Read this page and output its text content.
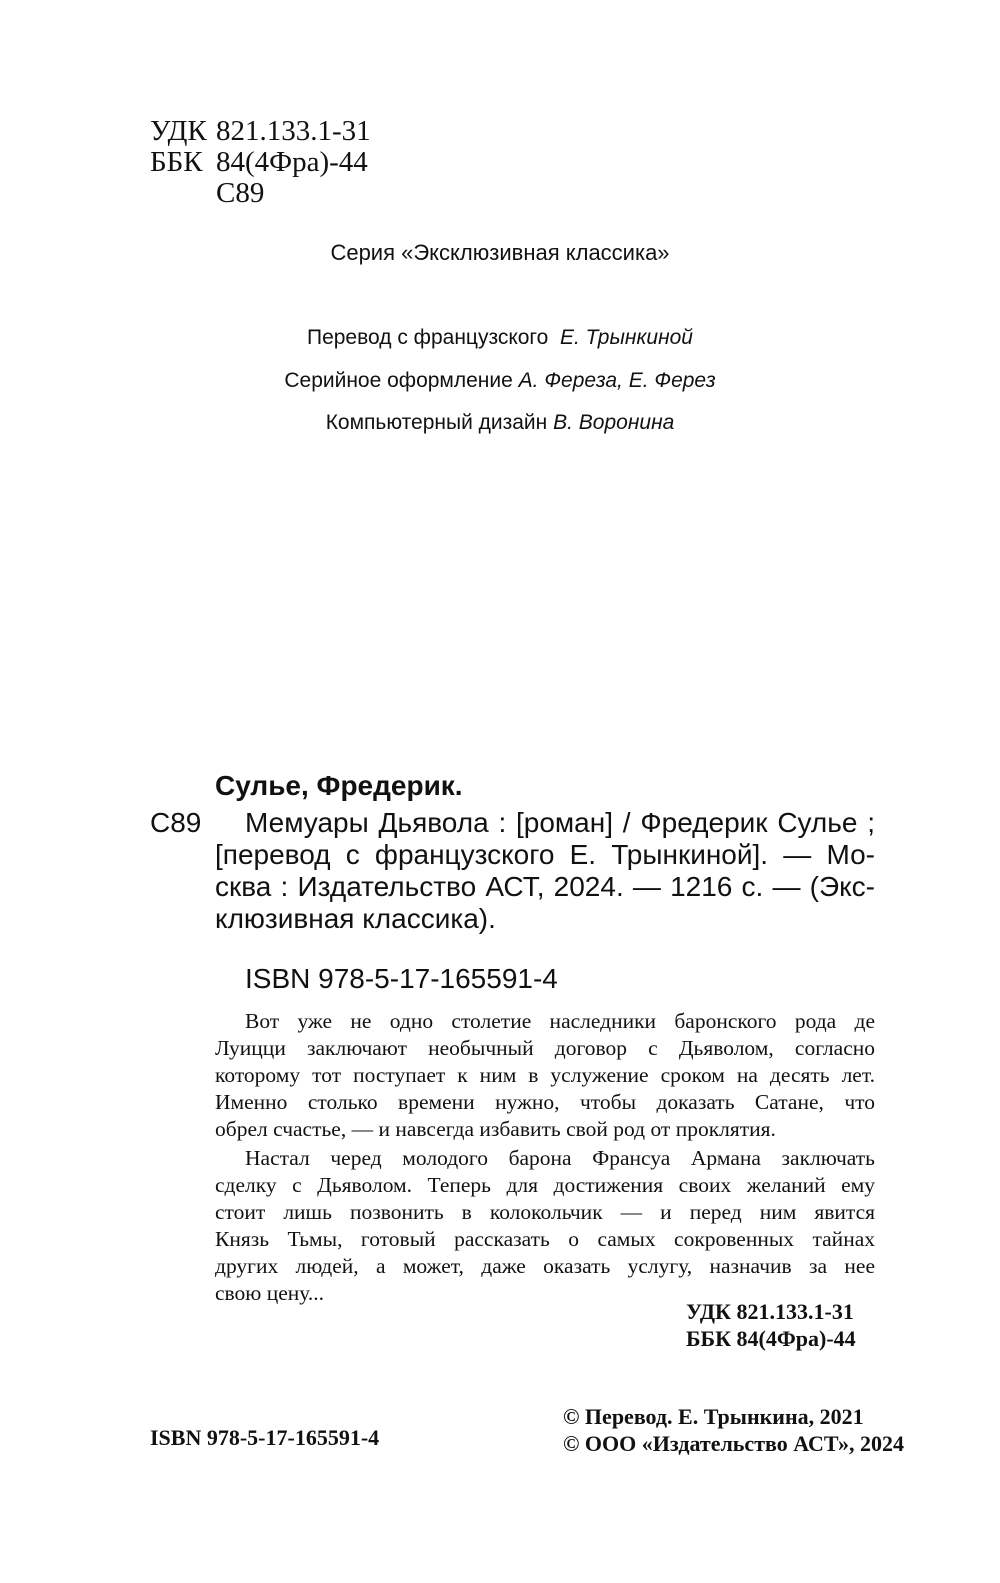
УДК 821.133.1-31
ББК 84(4Фра)-44
С89
Серия «Эксклюзивная классика»
Перевод с французского Е. Трынкиной
Серийное оформление А. Фереза, Е. Ферез
Компьютерный дизайн В. Воронина
Сулье, Фредерик.
С89	Мемуары Дьявола : [роман] / Фредерик Сулье ;
[перевод с французского Е. Трынкиной]. — Мо-
сква : Издательство АСТ, 2024. — 1216 с. — (Экс-
клюзивная классика).
ISBN 978-5-17-165591-4
Вот уже не одно столетие наследники баронского рода де
Луицци заключают необычный договор с Дьяволом, согласно
которому тот поступает к ним в услужение сроком на десять лет.
Именно столько времени нужно, чтобы доказать Сатане, что
обрел счастье, — и навсегда избавить свой род от проклятия.
Настал черед молодого барона Франсуа Армана заключать
сделку с Дьяволом. Теперь для достижения своих желаний ему
стоит лишь позвонить в колокольчик — и перед ним явится
Князь Тьмы, готовый рассказать о самых сокровенных тайнах
других людей, а может, даже оказать услугу, назначив за нее
свою цену...
УДК 821.133.1-31
ББК 84(4Фра)-44
ISBN 978-5-17-165591-4
© Перевод. Е. Трынкина, 2021
© ООО «Издательство АСТ», 2024
